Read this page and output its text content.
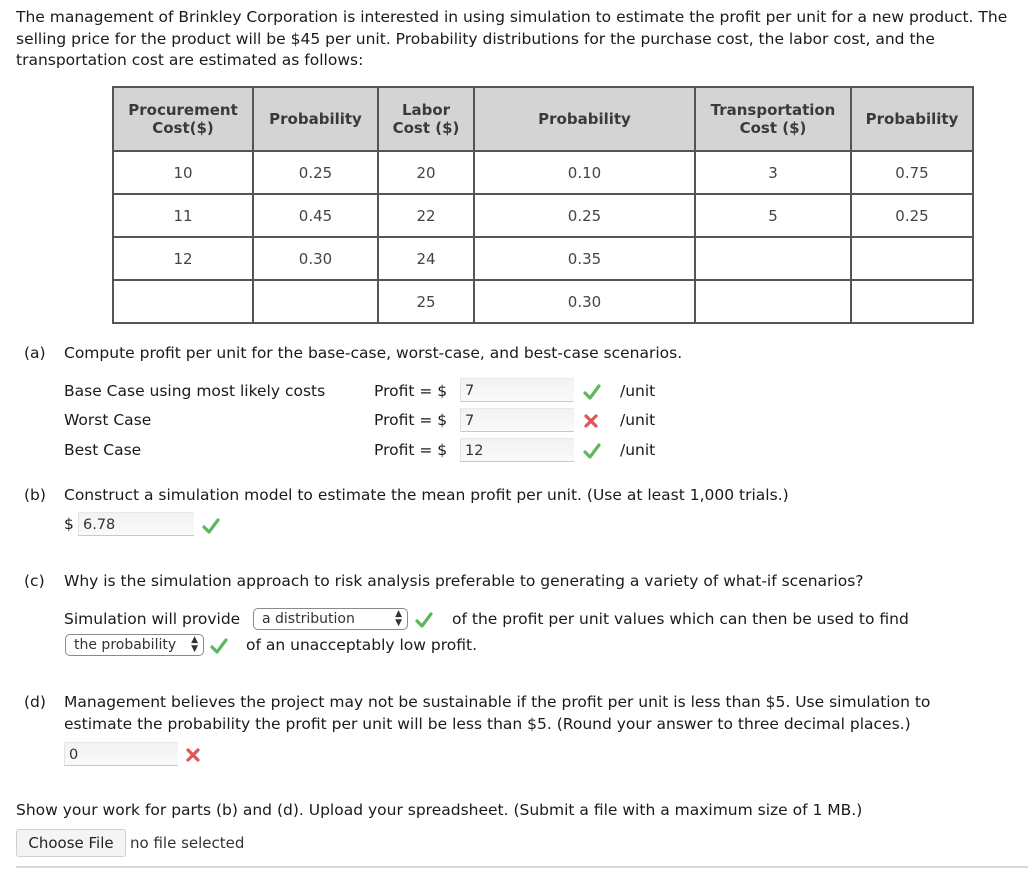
The management of Brinkley Corporation is interested in using simulation to estimate the profit per unit for a new product. The selling price for the product will be $45 per unit. Probability distributions for the purchase cost, the labor cost, and the transportation cost are estimated as follows:
Procurement Cost($)	Probability	Labor Cost ($)	Probability	Transportation Cost ($)	Probability
10	0.25	20	0.10	3	0.75
11	0.45	22	0.25	5	0.25
12	0.30	24	0.35		
		25	0.30		
(a) Compute profit per unit for the base-case, worst-case, and best-case scenarios.
Base Case using most likely costs	Profit = $	7	/unit
Worst Case	Profit = $	7	/unit
Best Case	Profit = $	12	/unit
(b) Construct a simulation model to estimate the mean profit per unit. (Use at least 1,000 trials.)
$ 6.78
(c) Why is the simulation approach to risk analysis preferable to generating a variety of what-if scenarios?
Simulation will provide	a distribution	▲
▼	of the profit per unit values which can then be used to find
the probability ▲
▼	of an unacceptably low profit.
(d) Management believes the project may not be sustainable if the profit per unit is less than $5. Use simulation to estimate the probability the profit per unit will be less than $5. (Round your answer to three decimal places.)
0
Show your work for parts (b) and (d). Upload your spreadsheet. (Submit a file with a maximum size of 1 MB.)
Choose File	no file selected
